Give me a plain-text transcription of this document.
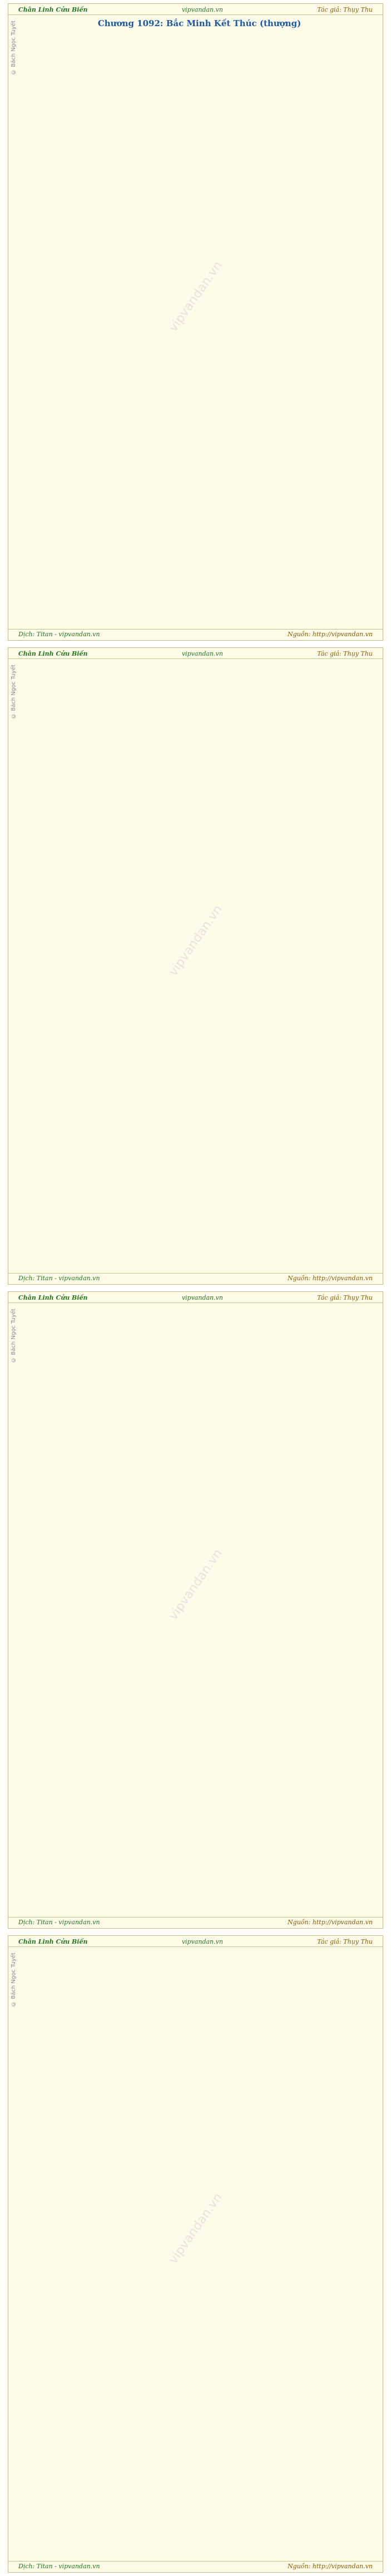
Chân Linh Cửu Biến	vipvandan.vn	Tác giả: Thụy Thu
© Bách Ngọc Tuyết
vipvandan.vn

Chương 1092: Bắc Minh Kết Thúc (thượng)

Dịch: Titan - vipvandan.vn	Nguồn: http://vipvandan.vn
Chân Linh Cửu Biến	vipvandan.vn	Tác giả: Thụy Thu
© Bách Ngọc Tuyết
vipvandan.vn
Dịch: Titan - vipvandan.vn	Nguồn: http://vipvandan.vn
Chân Linh Cửu Biến	vipvandan.vn	Tác giả: Thụy Thu
© Bách Ngọc Tuyết
vipvandan.vn
Dịch: Titan - vipvandan.vn	Nguồn: http://vipvandan.vn
Chân Linh Cửu Biến	vipvandan.vn	Tác giả: Thụy Thu
© Bách Ngọc Tuyết
vipvandan.vn
Dịch: Titan - vipvandan.vn	Nguồn: http://vipvandan.vn
